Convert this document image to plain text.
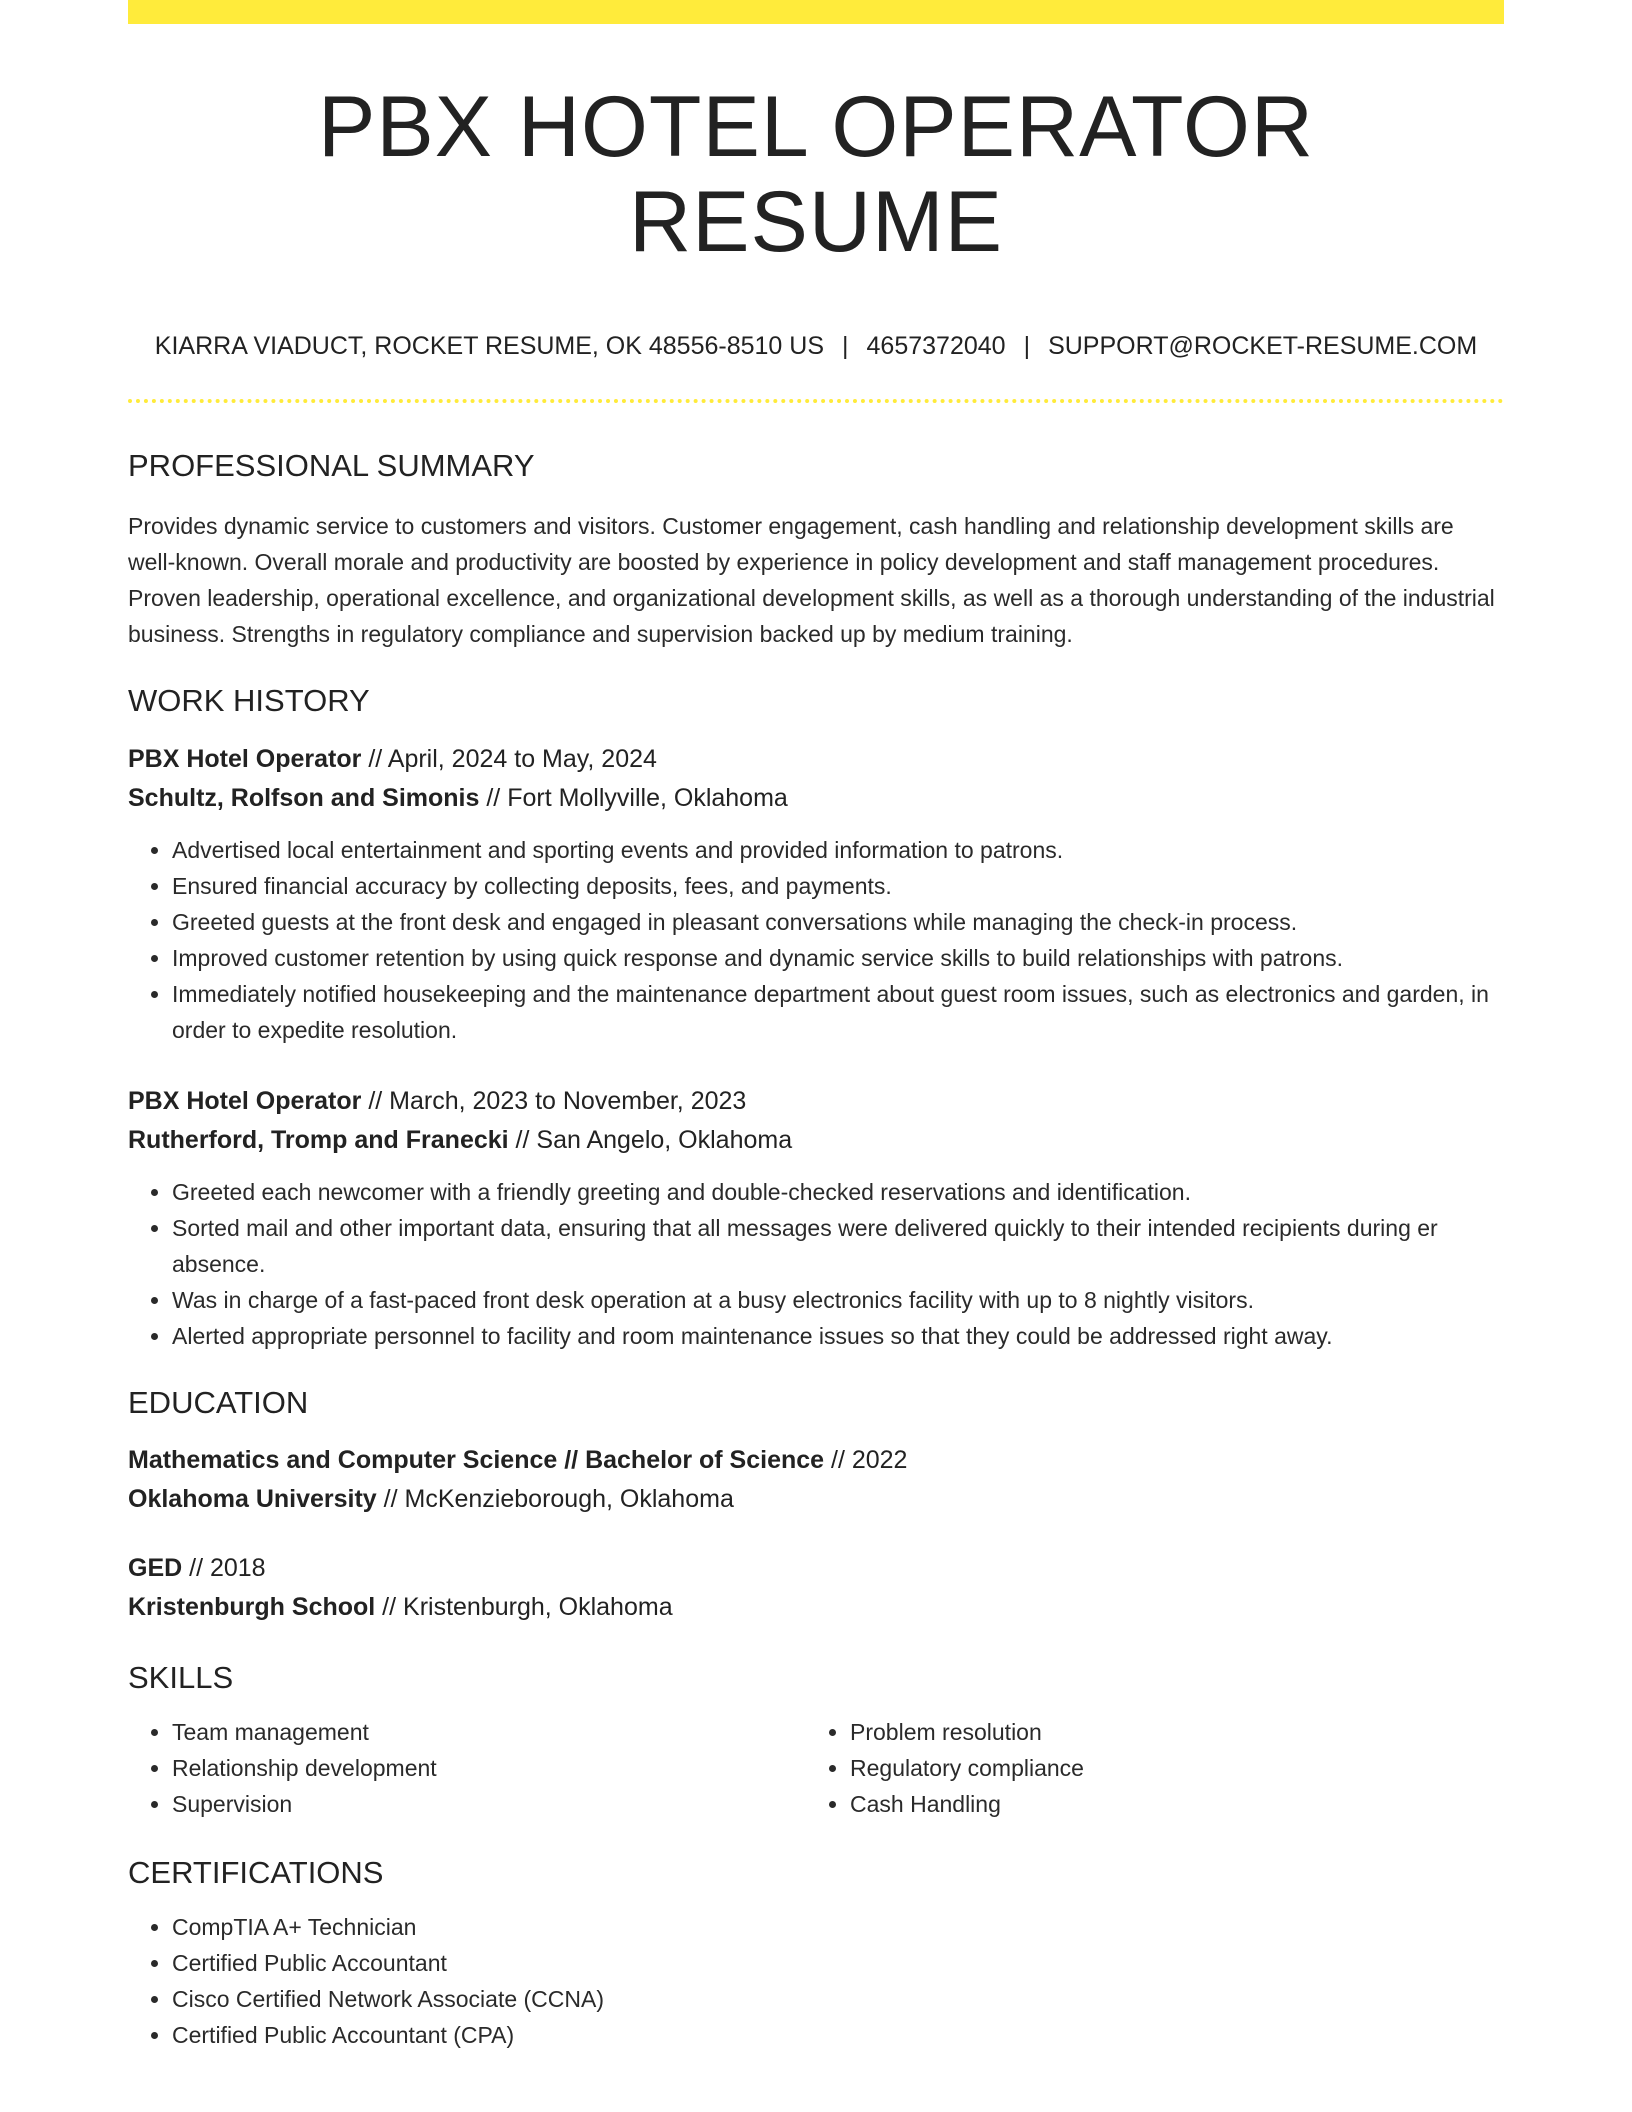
PBX HOTEL OPERATOR RESUME
KIARRA VIADUCT, ROCKET RESUME, OK 48556-8510 US | 4657372040 | SUPPORT@ROCKET-RESUME.COM
PROFESSIONAL SUMMARY

Provides dynamic service to customers and visitors. Customer engagement, cash handling and relationship development skills are well-known. Overall morale and productivity are boosted by experience in policy development and staff management procedures. Proven leadership, operational excellence, and organizational development skills, as well as a thorough understanding of the industrial business. Strengths in regulatory compliance and supervision backed up by medium training.

WORK HISTORY
PBX Hotel Operator // April, 2024 to May, 2024
Schultz, Rolfson and Simonis // Fort Mollyville, Oklahoma
• Advertised local entertainment and sporting events and provided information to patrons.
• Ensured financial accuracy by collecting deposits, fees, and payments.
• Greeted guests at the front desk and engaged in pleasant conversations while managing the check-in process.
• Improved customer retention by using quick response and dynamic service skills to build relationships with patrons.
• Immediately notified housekeeping and the maintenance department about guest room issues, such as electronics and garden, in order to expedite resolution.
PBX Hotel Operator // March, 2023 to November, 2023
Rutherford, Tromp and Franecki // San Angelo, Oklahoma
• Greeted each newcomer with a friendly greeting and double-checked reservations and identification.
• Sorted mail and other important data, ensuring that all messages were delivered quickly to their intended recipients during er absence.
• Was in charge of a fast-paced front desk operation at a busy electronics facility with up to 8 nightly visitors.
• Alerted appropriate personnel to facility and room maintenance issues so that they could be addressed right away.
EDUCATION
Mathematics and Computer Science // Bachelor of Science // 2022
Oklahoma University // McKenzieborough, Oklahoma
GED // 2018
Kristenburgh School // Kristenburgh, Oklahoma
SKILLS
• Team management
• Relationship development
• Supervision
• Problem resolution
• Regulatory compliance
• Cash Handling
CERTIFICATIONS
• CompTIA A+ Technician
• Certified Public Accountant
• Cisco Certified Network Associate (CCNA)
• Certified Public Accountant (CPA)
